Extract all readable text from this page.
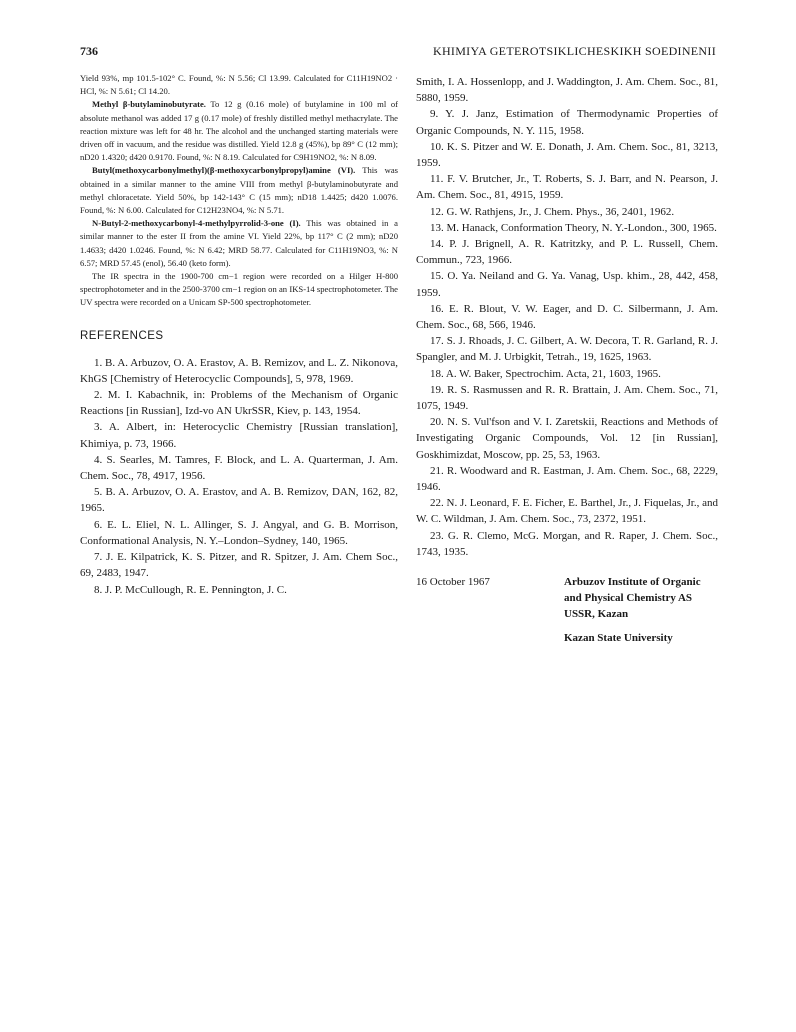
736	KHIMIYA GETEROTSIKLICHESKIKH SOEDINENII

Yield 93%, mp 101.5-102° C. Found, %: N 5.56; Cl 13.99. Calculated for C11H19NO2 · HCl, %: N 5.61; Cl 14.20.

Methyl β-butylaminobutyrate. To 12 g (0.16 mole) of butylamine in 100 ml of absolute methanol was added 17 g (0.17 mole) of freshly distilled methyl methacrylate. The reaction mixture was left for 48 hr. The alcohol and the unchanged starting materials were driven off in vacuum, and the residue was distilled. Yield 12.8 g (45%), bp 89° C (12 mm); nD20 1.4320; d420 0.9170. Found, %: N 8.19. Calculated for C9H19NO2, %: N 8.09.

Butyl(methoxycarbonylmethyl)(β-methoxycarbonylpropyl)amine (VI). This was obtained in a similar manner to the amine VIII from methyl β-butylaminobutyrate and methyl chloracetate. Yield 50%, bp 142-143° C (15 mm); nD18 1.4425; d420 1.0076. Found, %: N 6.00. Calculated for C12H23NO4, %: N 5.71.

N-Butyl-2-methoxycarbonyl-4-methylpyrrolid-3-one (I). This was obtained in a similar manner to the ester II from the amine VI. Yield 22%, bp 117° C (2 mm); nD20 1.4633; d420 1.0246. Found, %: N 6.42; MRD 58.77. Calculated for C11H19NO3, %: N 6.57; MRD 57.45 (enol), 56.40 (keto form).

The IR spectra in the 1900-700 cm−1 region were recorded on a Hilger H-800 spectrophotometer and in the 2500-3700 cm−1 region on an IKS-14 spectrophotometer. The UV spectra were recorded on a Unicam SP-500 spectrophotometer.

REFERENCES

1. B. A. Arbuzov, O. A. Erastov, A. B. Remizov, and L. Z. Nikonova, KhGS [Chemistry of Heterocyclic Compounds], 5, 978, 1969.

2. M. I. Kabachnik, in: Problems of the Mechanism of Organic Reactions [in Russian], Izd-vo AN UkrSSR, Kiev, p. 143, 1954.

3. A. Albert, in: Heterocyclic Chemistry [Russian translation], Khimiya, p. 73, 1966.

4. S. Searles, M. Tamres, F. Block, and L. A. Quarterman, J. Am. Chem. Soc., 78, 4917, 1956.

5. B. A. Arbuzov, O. A. Erastov, and A. B. Remizov, DAN, 162, 82, 1965.

6. E. L. Eliel, N. L. Allinger, S. J. Angyal, and G. B. Morrison, Conformational Analysis, N. Y.–London–Sydney, 140, 1965.

7. J. E. Kilpatrick, K. S. Pitzer, and R. Spitzer, J. Am. Chem Soc., 69, 2483, 1947.

8. J. P. McCullough, R. E. Pennington, J. C.

Smith, I. A. Hossenlopp, and J. Waddington, J. Am. Chem. Soc., 81, 5880, 1959.

9. Y. J. Janz, Estimation of Thermodynamic Properties of Organic Compounds, N. Y. 115, 1958.

10. K. S. Pitzer and W. E. Donath, J. Am. Chem. Soc., 81, 3213, 1959.

11. F. V. Brutcher, Jr., T. Roberts, S. J. Barr, and N. Pearson, J. Am. Chem. Soc., 81, 4915, 1959.

12. G. W. Rathjens, Jr., J. Chem. Phys., 36, 2401, 1962.

13. M. Hanack, Conformation Theory, N. Y.-London., 300, 1965.

14. P. J. Brignell, A. R. Katritzky, and P. L. Russell, Chem. Commun., 723, 1966.

15. O. Ya. Neiland and G. Ya. Vanag, Usp. khim., 28, 442, 458, 1959.

16. E. R. Blout, V. W. Eager, and D. C. Silbermann, J. Am. Chem. Soc., 68, 566, 1946.

17. S. J. Rhoads, J. C. Gilbert, A. W. Decora, T. R. Garland, R. J. Spangler, and M. J. Urbigkit, Tetrah., 19, 1625, 1963.

18. A. W. Baker, Spectrochim. Acta, 21, 1603, 1965.

19. R. S. Rasmussen and R. R. Brattain, J. Am. Chem. Soc., 71, 1075, 1949.

20. N. S. Vul'fson and V. I. Zaretskii, Reactions and Methods of Investigating Organic Compounds, Vol. 12 [in Russian], Goskhimizdat, Moscow, pp. 25, 53, 1963.

21. R. Woodward and R. Eastman, J. Am. Chem. Soc., 68, 2229, 1946.

22. N. J. Leonard, F. E. Ficher, E. Barthel, Jr., J. Fiquelas, Jr., and W. C. Wildman, J. Am. Chem. Soc., 73, 2372, 1951.

23. G. R. Clemo, McG. Morgan, and R. Raper, J. Chem. Soc., 1743, 1935.

16 October 1967	Arbuzov Institute of Organic and Physical Chemistry AS USSR, Kazan
Kazan State University
